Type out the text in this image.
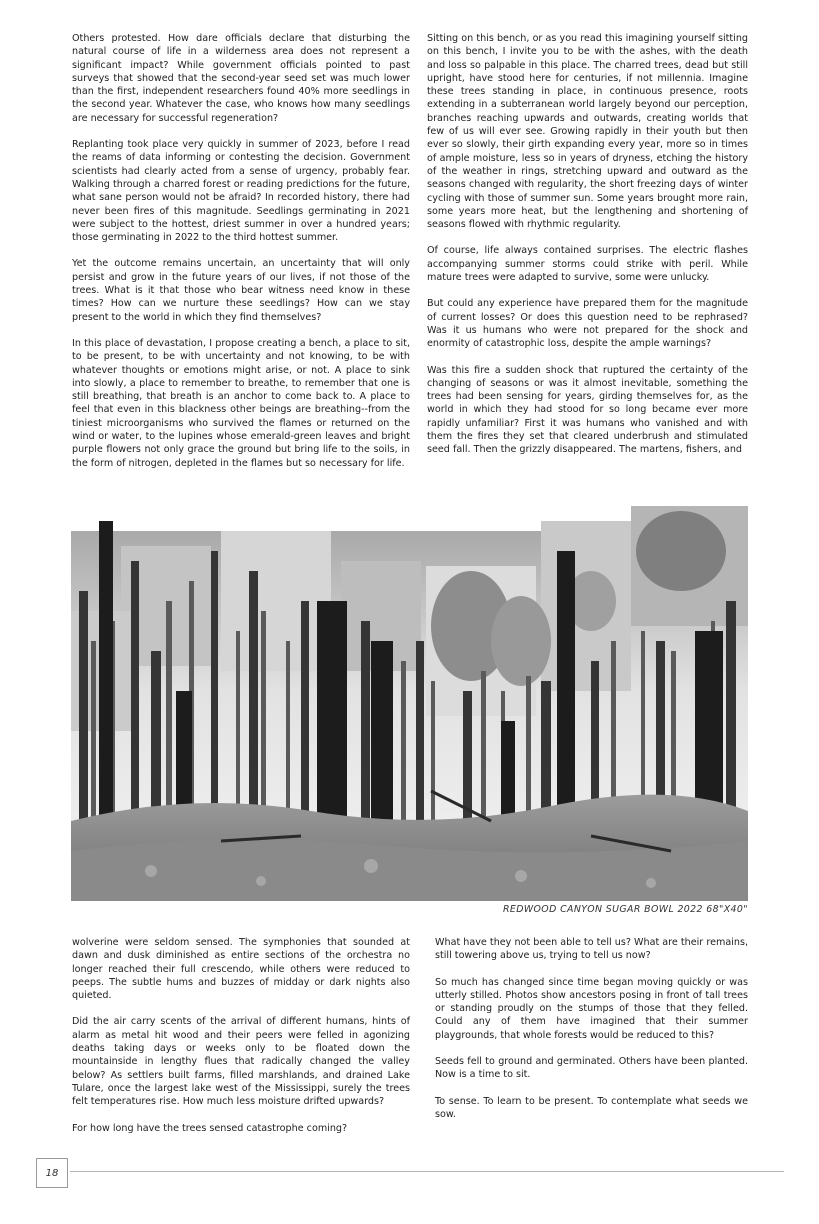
Others protested. How dare officials declare that disturbing the natural course of life in a wilderness area does not represent a significant impact? While government officials pointed to past surveys that showed that the second-year seed set was much lower than the first, independent researchers found 40% more seedlings in the second year. Whatever the case, who knows how many seedlings are necessary for successful regeneration?

Replanting took place very quickly in summer of 2023, before I read the reams of data informing or contesting the decision. Government scientists had clearly acted from a sense of urgency, probably fear. Walking through a charred forest or reading predictions for the future, what sane person would not be afraid? In recorded history, there had never been fires of this magnitude. Seedlings germinating in 2021 were subject to the hottest, driest summer in over a hundred years; those germinating in 2022 to the third hottest summer.

Yet the outcome remains uncertain, an uncertainty that will only persist and grow in the future years of our lives, if not those of the trees. What is it that those who bear witness need know in these times? How can we nurture these seedlings? How can we stay present to the world in which they find themselves?

In this place of devastation, I propose creating a bench, a place to sit, to be present, to be with uncertainty and not knowing, to be with whatever thoughts or emotions might arise, or not. A place to sink into slowly, a place to remember to breathe, to remember that one is still breathing, that breath is an anchor to come back to. A place to feel that even in this blackness other beings are breathing--from the tiniest microorganisms who survived the flames or returned on the wind or water, to the lupines whose emerald-green leaves and bright purple flowers not only grace the ground but bring life to the soils, in the form of nitrogen, depleted in the flames but so necessary for life.

Sitting on this bench, or as you read this imagining yourself sitting on this bench, I invite you to be with the ashes, with the death and loss so palpable in this place. The charred trees, dead but still upright, have stood here for centuries, if not millennia. Imagine these trees standing in place, in continuous presence, roots extending in a subterranean world largely beyond our perception, branches reaching upwards and outwards, creating worlds that few of us will ever see. Growing rapidly in their youth but then ever so slowly, their girth expanding every year, more so in times of ample moisture, less so in years of dryness, etching the history of the weather in rings, stretching upward and outward as the seasons changed with regularity, the short freezing days of winter cycling with those of summer sun. Some years brought more rain, some years more heat, but the lengthening and shortening of seasons flowed with rhythmic regularity.

Of course, life always contained surprises. The electric flashes accompanying summer storms could strike with peril. While mature trees were adapted to survive, some were unlucky.

But could any experience have prepared them for the magnitude of current losses? Or does this question need to be rephrased? Was it us humans who were not prepared for the shock and enormity of catastrophic loss, despite the ample warnings?

Was this fire a sudden shock that ruptured the certainty of the changing of seasons or was it almost inevitable, something the trees had been sensing for years, girding themselves for, as the world in which they had stood for so long became ever more rapidly unfamiliar? First it was humans who vanished and with them the fires they set that cleared underbrush and stimulated seed fall. Then the grizzly disappeared. The martens, fishers, and

REDWOOD CANYON SUGAR BOWL 2022 68"X40"

wolverine were seldom sensed. The symphonies that sounded at dawn and dusk diminished as entire sections of the orchestra no longer reached their full crescendo, while others were reduced to peeps. The subtle hums and buzzes of midday or dark nights also quieted.

Did the air carry scents of the arrival of different humans, hints of alarm as metal hit wood and their peers were felled in agonizing deaths taking days or weeks only to be floated down the mountainside in lengthy flues that radically changed the valley below? As settlers built farms, filled marshlands, and drained Lake Tulare, once the largest lake west of the Mississippi, surely the trees felt temperatures rise. How much less moisture drifted upwards?

For how long have the trees sensed catastrophe coming?

What have they not been able to tell us? What are their remains, still towering above us, trying to tell us now?

So much has changed since time began moving quickly or was utterly stilled. Photos show ancestors posing in front of tall trees or standing proudly on the stumps of those that they felled. Could any of them have imagined that their summer playgrounds, that whole forests would be reduced to this?

Seeds fell to ground and germinated. Others have been planted. Now is a time to sit.

To sense. To learn to be present. To contemplate what seeds we sow.

18
